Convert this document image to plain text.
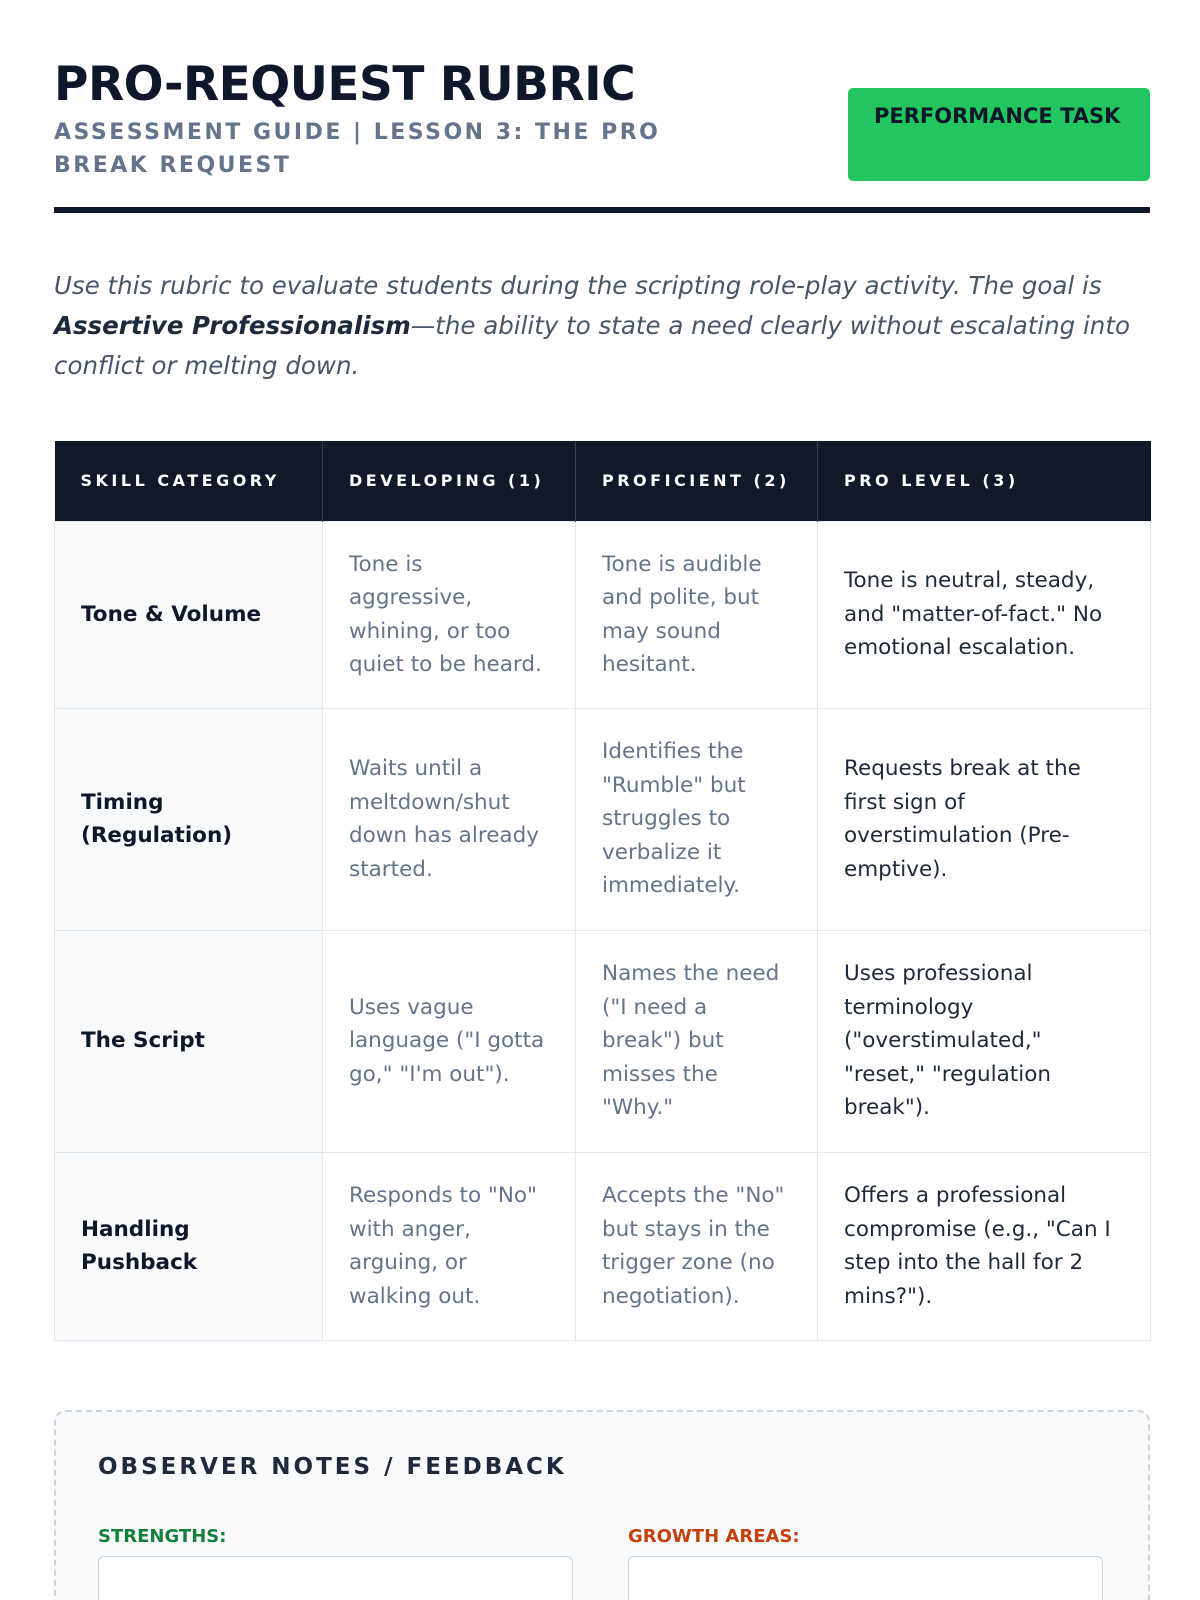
PRO-REQUEST RUBRIC
ASSESSMENT GUIDE | LESSON 3: THE PRO BREAK REQUEST
PERFORMANCE TASK

Use this rubric to evaluate students during the scripting role-play activity. The goal is Assertive Professionalism—the ability to state a need clearly without escalating into conflict or melting down.

SKILL CATEGORY	DEVELOPING (1)	PROFICIENT (2)	PRO LEVEL (3)
Tone & Volume	Tone is aggressive, whining, or too quiet to be heard.	Tone is audible and polite, but may sound hesitant.	Tone is neutral, steady, and "matter-of-fact." No emotional escalation.
Timing (Regulation)	Waits until a meltdown/shut down has already started.	Identifies the "Rumble" but struggles to verbalize it immediately.	Requests break at the first sign of overstimulation (Pre-emptive).
The Script	Uses vague language ("I gotta go," "I'm out").	Names the need ("I need a break") but misses the "Why."	Uses professional terminology ("overstimulated," "reset," "regulation break").
Handling Pushback	Responds to "No" with anger, arguing, or walking out.	Accepts the "No" but stays in the trigger zone (no negotiation).	Offers a professional compromise (e.g., "Can I step into the hall for 2 mins?").
OBSERVER NOTES / FEEDBACK
STRENGTHS:	GROWTH AREAS:
